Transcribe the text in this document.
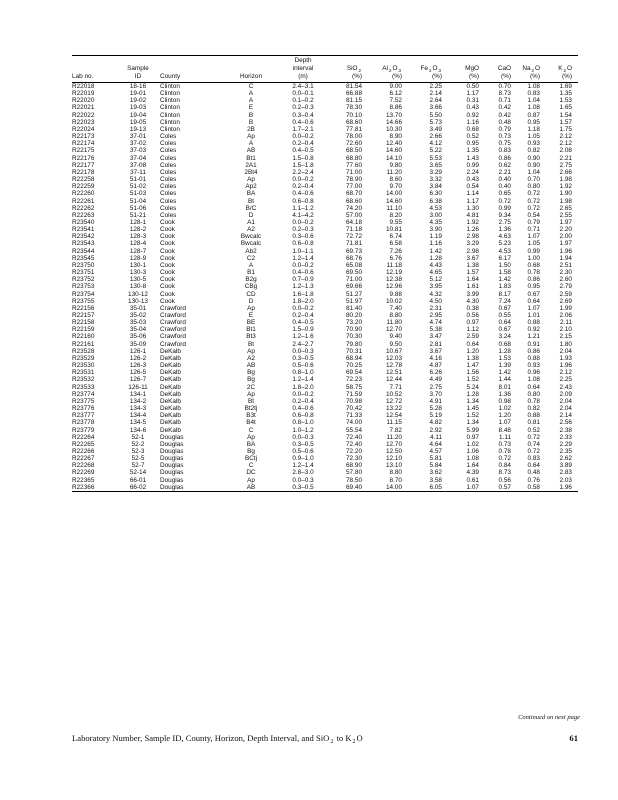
				Depth							
	Sample			interval	SiO$_2$	$Al_2O_3$	$Fe_2O_3$	MgO	CaO	$Na_2O$	$K_2O$
Lab no.	ID	County	Horizon	(m)	(%)	(%)	(%)	(%)	(%)	(%)	(%)
R22018	18-16	Clinton	C	2.4–3.1	81.54	9.00	2.25	0.50	0.70	1.08	1.69
R22019	19-01	Clinton	A	0.0–0.1	66.88	6.12	2.14	1.17	8.73	0.83	1.35
R22020	19-02	Clinton	A	0.1–0.2	81.15	7.52	2.64	0.31	0.71	1.04	1.53
R22021	19-03	Clinton	E	0.2–0.3	78.30	8.86	3.66	0.43	0.42	1.08	1.65
R22022	19-04	Clinton	B	0.3–0.4	70.10	13.70	5.50	0.92	0.42	0.87	1.54
R22023	19-05	Clinton	B	0.4–0.6	68.60	14.66	5.73	1.16	0.48	0.95	1.57
R22024	19-13	Clinton	2B	1.7–2.1	77.81	10.30	3.49	0.68	0.79	1.18	1.75
R22173	37-01	Coles	Ap	0.0–0.2	78.00	8.90	2.66	0.52	0.73	1.05	2.12
R22174	37-02	Coles	A	0.2–0.4	72.60	12.40	4.12	0.95	0.75	0.93	2.12
R22175	37-03	Coles	AB	0.4–0.5	68.50	14.60	5.22	1.35	0.83	0.82	2.08
R22176	37-04	Coles	Bt1	1.5–0.8	68.80	14.10	5.53	1.43	0.86	0.90	2.21
R22177	37-08	Coles	2A1	1.5–1.8	77.60	9.80	3.65	0.99	0.62	0.90	2.75
R22178	37-11	Coles	2Bt4	2.2–2.4	71.00	11.20	3.29	2.24	2.21	1.04	2.66
R22258	51-01	Coles	Ap	0.0–0.2	78.90	8.60	3.32	0.43	0.40	0.70	1.98
R22259	51-02	Coles	Ap2	0.2–0.4	77.00	9.70	3.84	0.54	0.40	0.80	1.92
R22260	51-03	Coles	BA	0.4–0.6	68.70	14.00	6.30	1.14	0.65	0.72	1.90
R22261	51-04	Coles	Bt	0.6–0.8	68.60	14.60	6.38	1.17	0.72	0.72	1.98
R22262	51-06	Coles	B/C	1.1–1.2	74.20	11.10	4.53	1.30	0.99	0.72	2.65
R22263	51-21	Coles	D	4.1–4.2	57.00	8.20	3.00	4.81	9.34	0.54	2.55
R23540	128-1	Cook	A1	0.0–0.2	64.18	9.55	4.35	1.92	2.75	0.79	1.97
R23541	128-2	Cook	A2	0.2–0.3	71.18	10.81	3.90	1.26	1.36	0.71	2.20
R23542	128-3	Cook	Bwcalc	0.3–0.6	72.72	6.74	1.19	2.98	4.63	1.07	2.00
R23543	128-4	Cook	Bwcalc	0.6–0.8	71.81	6.58	1.16	3.29	5.23	1.05	1.97
R23544	128-7	Cook	Ab2	1.0–1.1	69.73	7.26	1.42	2.98	4.53	0.99	1.96
R23545	128-9	Cook	C2	1.2–1.4	68.76	6.76	1.28	3.67	6.17	1.00	1.94
R23750	130-1	Cook	A	0.0–0.2	65.08	11.18	4.43	1.38	1.50	0.68	2.51
R23751	130-3	Cook	B1	0.4–0.6	69.50	12.19	4.65	1.57	1.58	0.78	2.30
R23752	130-5	Cook	B2g	0.7–0.9	71.00	12.38	5.12	1.64	1.42	0.86	2.60
R23753	130-8	Cook	CBg	1.2–1.3	69.66	12.96	3.95	1.61	1.83	0.95	2.79
R23754	130-12	Cook	CD	1.6–1.8	51.27	9.88	4.32	3.99	8.17	0.67	2.59
R23755	130-13	Cook	D	1.8–2.0	51.97	10.02	4.50	4.30	7.24	0.64	2.69
R22156	35-01	Crawford	Ap	0.0–0.2	81.40	7.40	2.31	0.38	0.67	1.07	1.99
R22157	35-02	Crawford	E	0.2–0.4	80.20	8.80	2.95	0.56	0.55	1.01	2.06
R22158	35-03	Crawford	BE	0.4–0.5	73.20	11.80	4.74	0.97	0.64	0.88	2.11
R22159	35-04	Crawford	Bt1	1.5–0.9	70.90	12.70	5.38	1.12	0.67	0.92	2.10
R22160	35-06	Crawford	Bt3	1.2–1.6	70.30	9.40	3.47	2.59	3.24	1.21	2.15
R22161	35-09	Crawford	Bt	2.4–2.7	79.80	9.50	2.81	0.64	0.68	0.91	1.80
R23528	126-1	DeKalb	Ap	0.0–0.3	70.31	10.67	3.67	1.20	1.28	0.86	2.04
R23529	126-2	DeKalb	A2	0.3–0.5	68.94	12.03	4.16	1.38	1.53	0.88	1.93
R23530	126-3	DeKalb	AB	0.5–0.6	70.25	12.78	4.87	1.47	1.39	0.93	1.96
R23531	126-5	DeKalb	Bg	0.8–1.0	69.54	12.51	6.26	1.56	1.42	0.96	2.12
R23532	126-7	DeKalb	Bg	1.2–1.4	72.23	12.44	4.49	1.52	1.44	1.08	2.25
R23533	126-11	DeKalb	2C	1.8–2.0	58.75	7.71	2.75	5.24	8.01	0.64	2.43
R23774	134-1	DeKalb	Ap	0.0–0.2	71.59	10.52	3.70	1.28	1.36	0.80	2.09
R23775	134-2	DeKalb	Bt	0.2–0.4	70.98	12.72	4.91	1.34	0.98	0.78	2.04
R23776	134-3	DeKalb	Bt2tj	0.4–0.6	70.42	13.22	5.28	1.45	1.02	0.82	2.04
R23777	134-4	DeKalb	B3t	0.6–0.8	71.33	12.54	5.19	1.52	1.20	0.88	2.14
R23778	134-5	DeKalb	B4t	0.8–1.0	74.00	11.15	4.82	1.34	1.07	0.81	2.56
R23779	134-6	DeKalb	C	1.0–1.2	55.54	7.82	2.92	5.99	8.48	0.52	2.38
R22264	52-1	Douglas	Ap	0.0–0.3	72.40	11.20	4.11	0.97	1.11	0.72	2.33
R22265	52-2	Douglas	BA	0.3–0.5	72.40	12.70	4.64	1.02	0.73	0.74	2.29
R22266	52-3	Douglas	Bg	0.5–0.6	72.20	12.50	4.57	1.06	0.78	0.72	2.35
R22267	52-5	Douglas	BCtj	0.9–1.0	72.30	12.10	5.81	1.08	0.72	0.83	2.62
R22268	52-7	Douglas	C	1.2–1.4	68.90	13.10	5.84	1.64	0.84	0.64	3.89
R22269	52-14	Douglas	DC	2.8–3.0	57.80	8.80	3.62	4.39	8.73	0.48	2.83
R22365	66-01	Douglas	Ap	0.0–0.3	78.50	8.70	3.58	0.61	0.56	0.76	2.03
R22366	66-02	Douglas	AB	0.3–0.5	69.40	14.00	6.05	1.07	0.57	0.58	1.96
Continued on next page
Laboratory Number, Sample ID, County, Horizon, Depth Interval, and SiO$_2$ to $K_2O$	61
